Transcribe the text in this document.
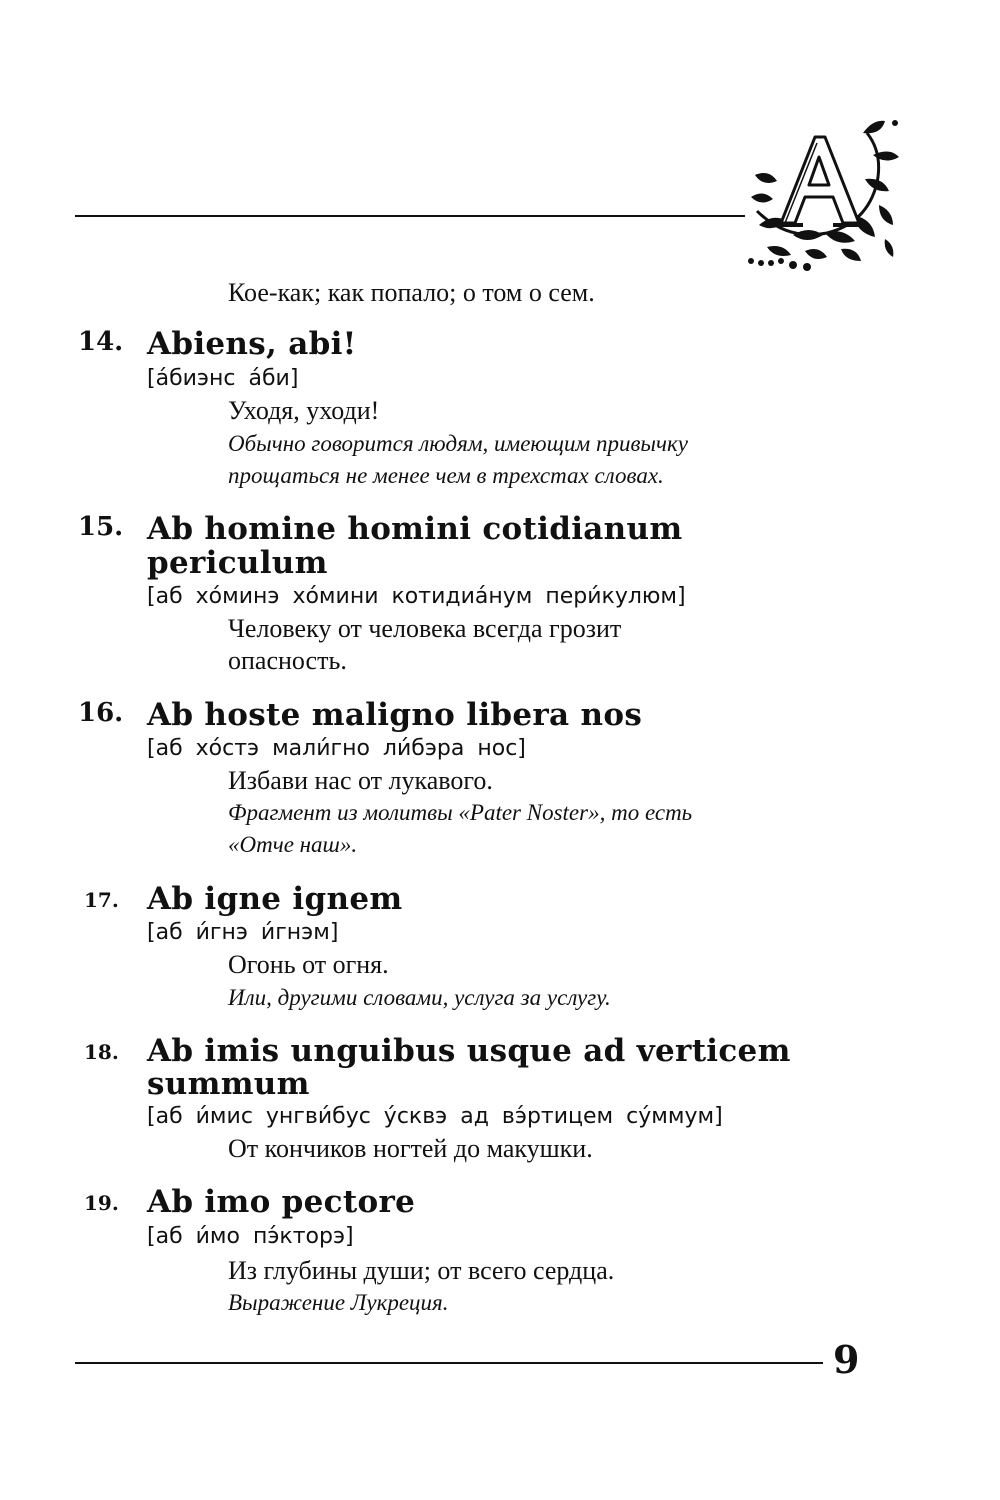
Кое-как; как попало; о том о сем.
14. Abiens, abi!
[а́биэнс а́би]
Уходя, уходи!
Обычно говорится людям, имеющим привычку
прощаться не менее чем в трехстах словах.
15. Ab homine homini cotidianum
periculum
[аб хо́минэ хо́мини котидиа́нум пери́кулюм]
Человеку от человека всегда грозит
опасность.
16. Ab hoste maligno libera nos
[аб хо́стэ мали́гно ли́бэра нос]
Избави нас от лукавого.
Фрагмент из молитвы «Pater Noster», то есть
«Отче наш».
17. Ab igne ignem
[аб и́гнэ и́гнэм]
Огонь от огня.
Или, другими словами, услуга за услугу.
18. Ab imis unguibus usque ad verticem
summum
[аб и́мис унгви́бус у́сквэ ад вэ́ртицем су́ммум]
От кончиков ногтей до макушки.
19. Ab imo pectore
[аб и́мо пэ́кторэ]
Из глубины души; от всего сердца.
Выражение Лукреция.
9
